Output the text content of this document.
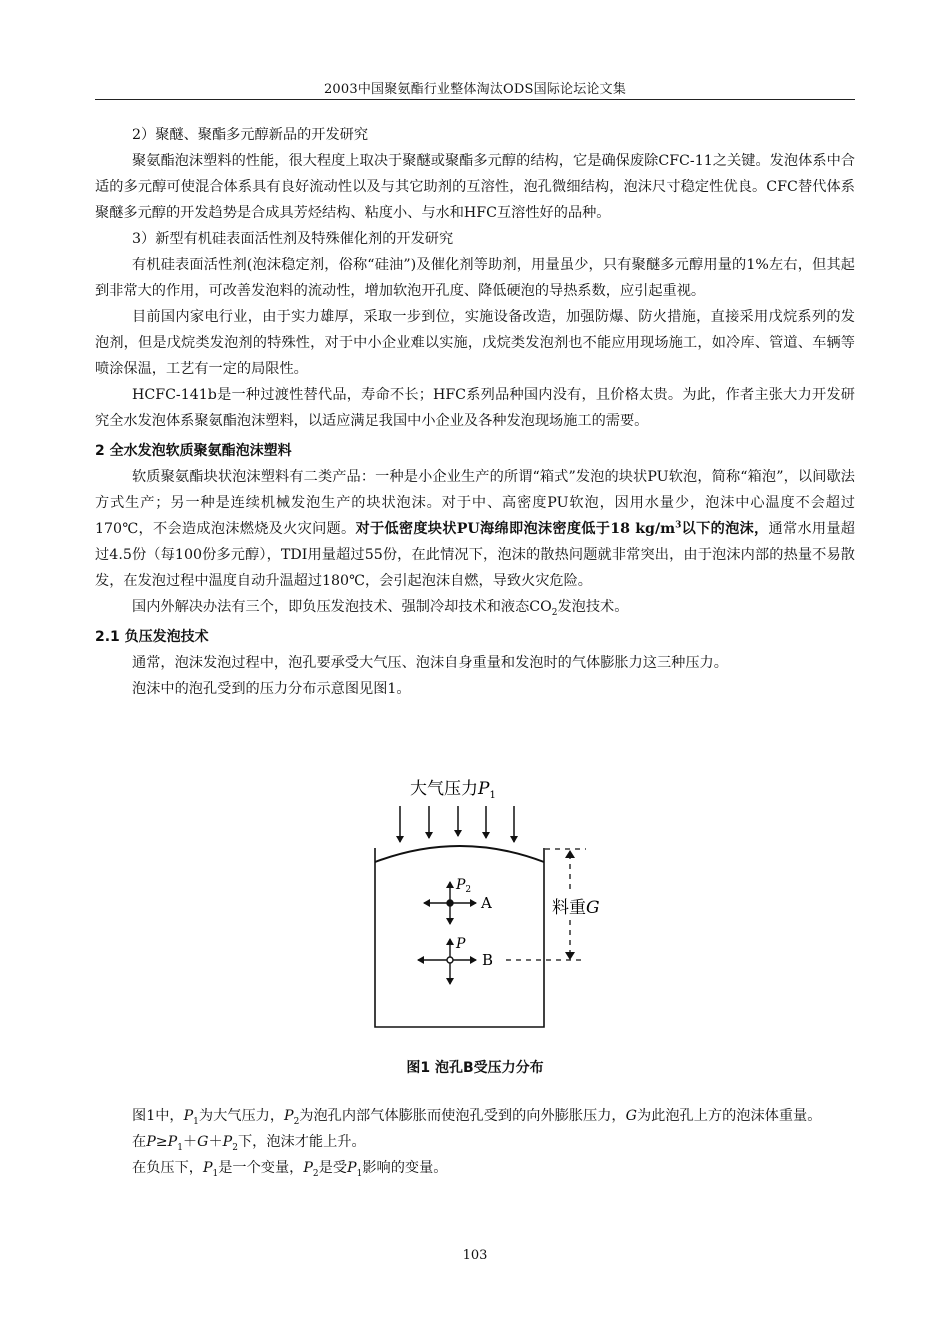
2003中国聚氨酯行业整体淘汰ODS国际论坛论文集

2）聚醚、聚酯多元醇新品的开发研究

聚氨酯泡沫塑料的性能，很大程度上取决于聚醚或聚酯多元醇的结构，它是确保废除CFC-11之关键。发泡体系中合适的多元醇可使混合体系具有良好流动性以及与其它助剂的互溶性，泡孔微细结构，泡沫尺寸稳定性优良。CFC替代体系聚醚多元醇的开发趋势是合成具芳烃结构、粘度小、与水和HFC互溶性好的品种。

3）新型有机硅表面活性剂及特殊催化剂的开发研究

有机硅表面活性剂(泡沫稳定剂，俗称“硅油”)及催化剂等助剂，用量虽少，只有聚醚多元醇用量的1%左右，但其起到非常大的作用，可改善发泡料的流动性，增加软泡开孔度、降低硬泡的导热系数，应引起重视。

目前国内家电行业，由于实力雄厚，采取一步到位，实施设备改造，加强防爆、防火措施，直接采用戊烷系列的发泡剂，但是戊烷类发泡剂的特殊性，对于中小企业难以实施，戊烷类发泡剂也不能应用现场施工，如冷库、管道、车辆等喷涂保温，工艺有一定的局限性。

HCFC-141b是一种过渡性替代品，寿命不长；HFC系列品种国内没有，且价格太贵。为此，作者主张大力开发研究全水发泡体系聚氨酯泡沫塑料，以适应满足我国中小企业及各种发泡现场施工的需要。

2 全水发泡软质聚氨酯泡沫塑料

软质聚氨酯块状泡沫塑料有二类产品：一种是小企业生产的所谓“箱式”发泡的块状PU软泡，简称“箱泡”，以间歇法方式生产；另一种是连续机械发泡生产的块状泡沫。对于中、高密度PU软泡，因用水量少，泡沫中心温度不会超过170℃，不会造成泡沫燃烧及火灾问题。对于低密度块状PU海绵即泡沫密度低于18 $kg/m^3$以下的泡沫，通常水用量超过4.5份（每100份多元醇），TDI用量超过55份，在此情况下，泡沫的散热问题就非常突出，由于泡沫内部的热量不易散发，在发泡过程中温度自动升温超过180℃，会引起泡沫自燃，导致火灾危险。

国内外解决办法有三个，即负压发泡技术、强制冷却技术和液态$CO_2$发泡技术。

2.1 负压发泡技术

通常，泡沫发泡过程中，泡孔要承受大气压、泡沫自身重量和发泡时的气体膨胀力这三种压力。

泡沫中的泡孔受到的压力分布示意图见图1。

大气压力$P_1$
$P_2$
A
P
B
料重G
图1 泡孔B受压力分布

图1中，$P_1$为大气压力，$P_2$为泡孔内部气体膨胀而使泡孔受到的向外膨胀压力，G为此泡孔上方的泡沫体重量。

在$P\ge P_1+G+P_2$下，泡沫才能上升。

在负压下，$P_1$是一个变量，$P_2$是受$P_1$影响的变量。

103
